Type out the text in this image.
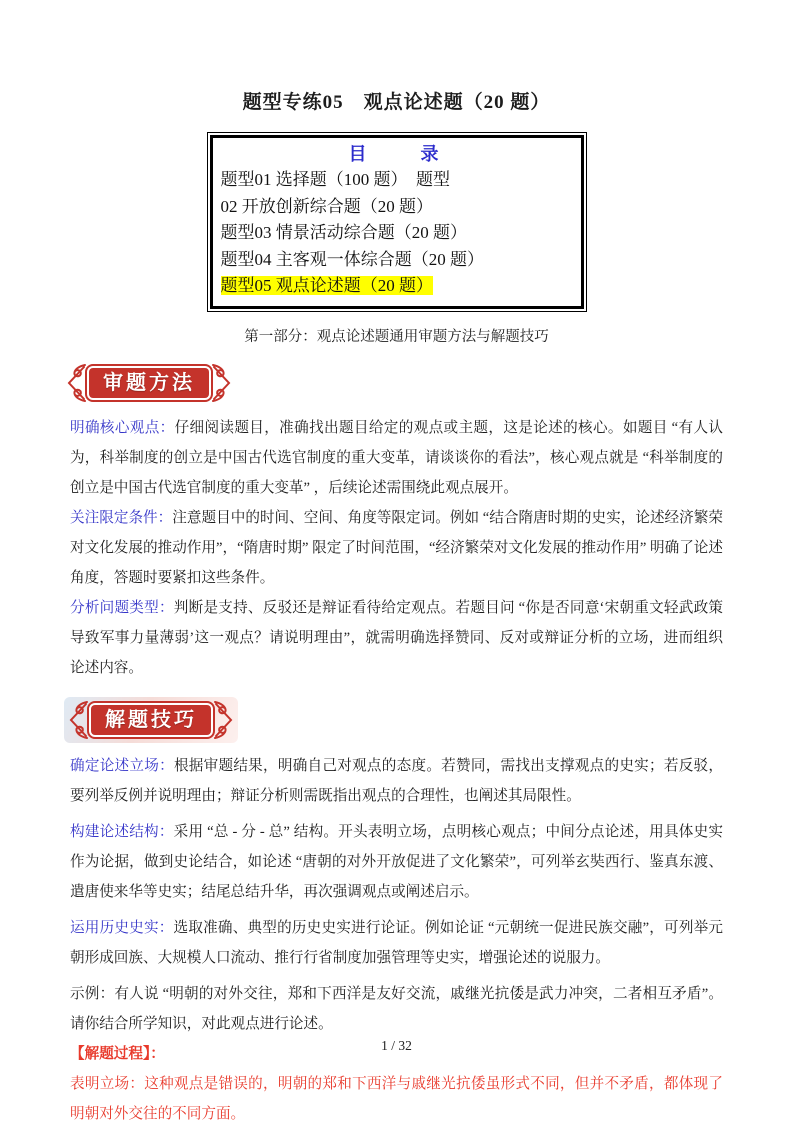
题型专练05　观点论述题（20 题）
目　　录
题型01 选择题（100 题）　题型
02 开放创新综合题（20 题）
题型03 情景活动综合题（20 题）
题型04 主客观一体综合题（20 题）
题型05 观点论述题（20 题）
第一部分：观点论述题通用审题方法与解题技巧
审题方法

明确核心观点：仔细阅读题目，准确找出题目给定的观点或主题，这是论述的核心。如题目 “有人认为，科举制度的创立是中国古代选官制度的重大变革，请谈谈你的看法”，核心观点就是 “科举制度的创立是中国古代选官制度的重大变革” ，后续论述需围绕此观点展开。

关注限定条件：注意题目中的时间、空间、角度等限定词。例如 “结合隋唐时期的史实，论述经济繁荣对文化发展的推动作用”，“隋唐时期” 限定了时间范围，“经济繁荣对文化发展的推动作用” 明确了论述角度，答题时要紧扣这些条件。

分析问题类型：判断是支持、反驳还是辩证看待给定观点。若题目问 “你是否同意‘宋朝重文轻武政策导致军事力量薄弱’这一观点？请说明理由”，就需明确选择赞同、反对或辩证分析的立场，进而组织论述内容。

解题技巧

确定论述立场：根据审题结果，明确自己对观点的态度。若赞同，需找出支撑观点的史实；若反驳，要列举反例并说明理由；辩证分析则需既指出观点的合理性，也阐述其局限性。

构建论述结构：采用 “总 - 分 - 总” 结构。开头表明立场，点明核心观点；中间分点论述，用具体史实作为论据，做到史论结合，如论述 “唐朝的对外开放促进了文化繁荣”，可列举玄奘西行、鉴真东渡、遣唐使来华等史实；结尾总结升华，再次强调观点或阐述启示。

运用历史史实：选取准确、典型的历史史实进行论证。例如论证 “元朝统一促进民族交融”，可列举元朝形成回族、大规模人口流动、推行行省制度加强管理等史实，增强论述的说服力。

示例：有人说 “明朝的对外交往，郑和下西洋是友好交流，戚继光抗倭是武力冲突，二者相互矛盾”。请你结合所学知识，对此观点进行论述。

【解题过程】：

表明立场：这种观点是错误的，明朝的郑和下西洋与戚继光抗倭虽形式不同，但并不矛盾，都体现了明朝对外交往的不同方面。

1 / 32
